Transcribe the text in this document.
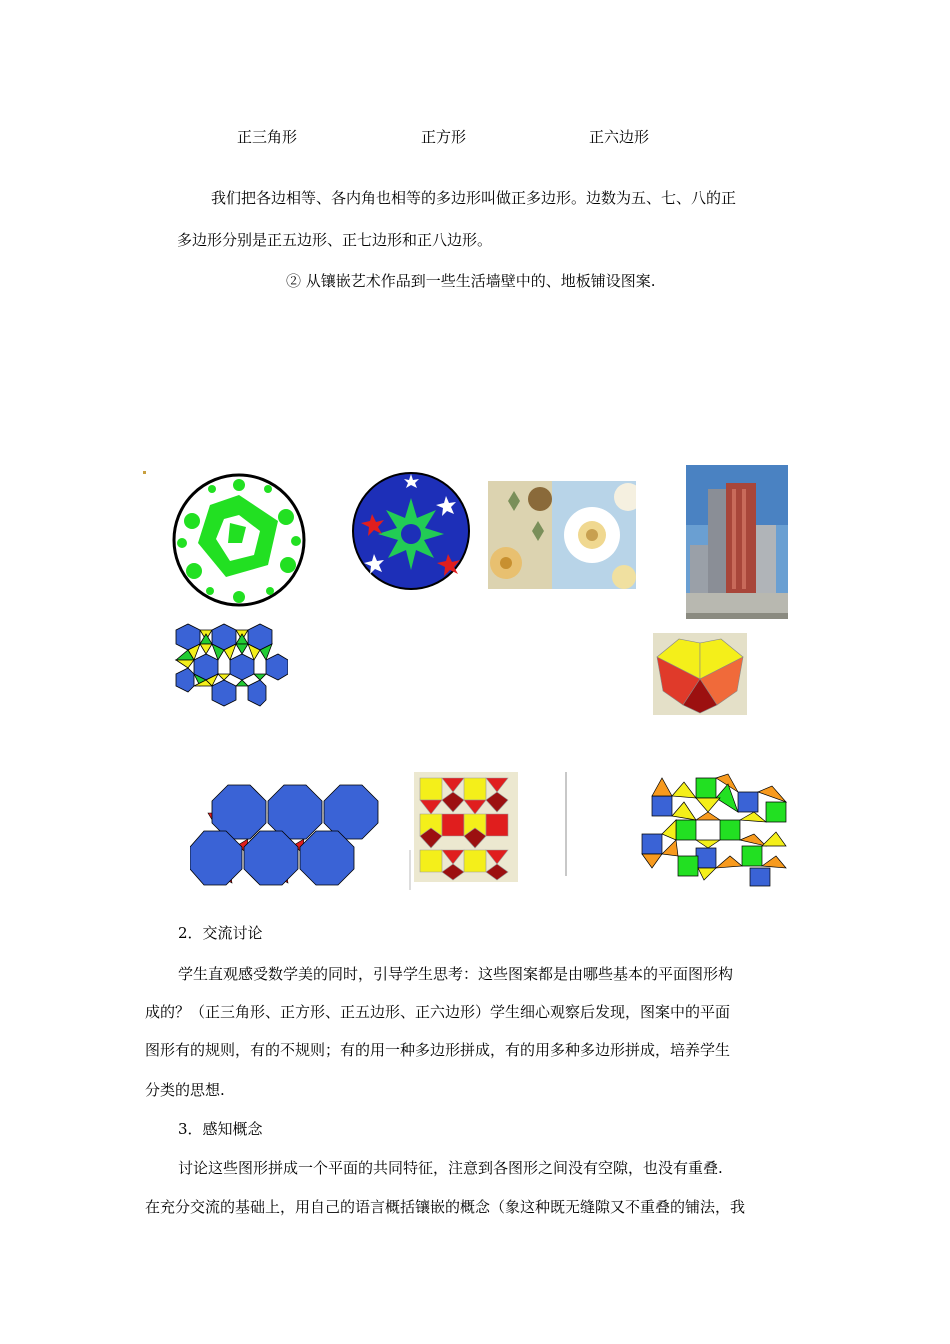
正三角形	正方形	正六边形
我们把各边相等、各内角也相等的多边形叫做正多边形。边数为五、七、八的正
多边形分别是正五边形、正七边形和正八边形。
② 从镶嵌艺术作品到一些生活墙壁中的、地板铺设图案.
2．交流讨论
学生直观感受数学美的同时，引导学生思考：这些图案都是由哪些基本的平面图形构
成的？（正三角形、正方形、正五边形、正六边形）学生细心观察后发现，图案中的平面
图形有的规则，有的不规则；有的用一种多边形拼成，有的用多种多边形拼成，培养学生
分类的思想.
3．感知概念
讨论这些图形拼成一个平面的共同特征，注意到各图形之间没有空隙，也没有重叠.
在充分交流的基础上，用自己的语言概括镶嵌的概念（象这种既无缝隙又不重叠的铺法，我
